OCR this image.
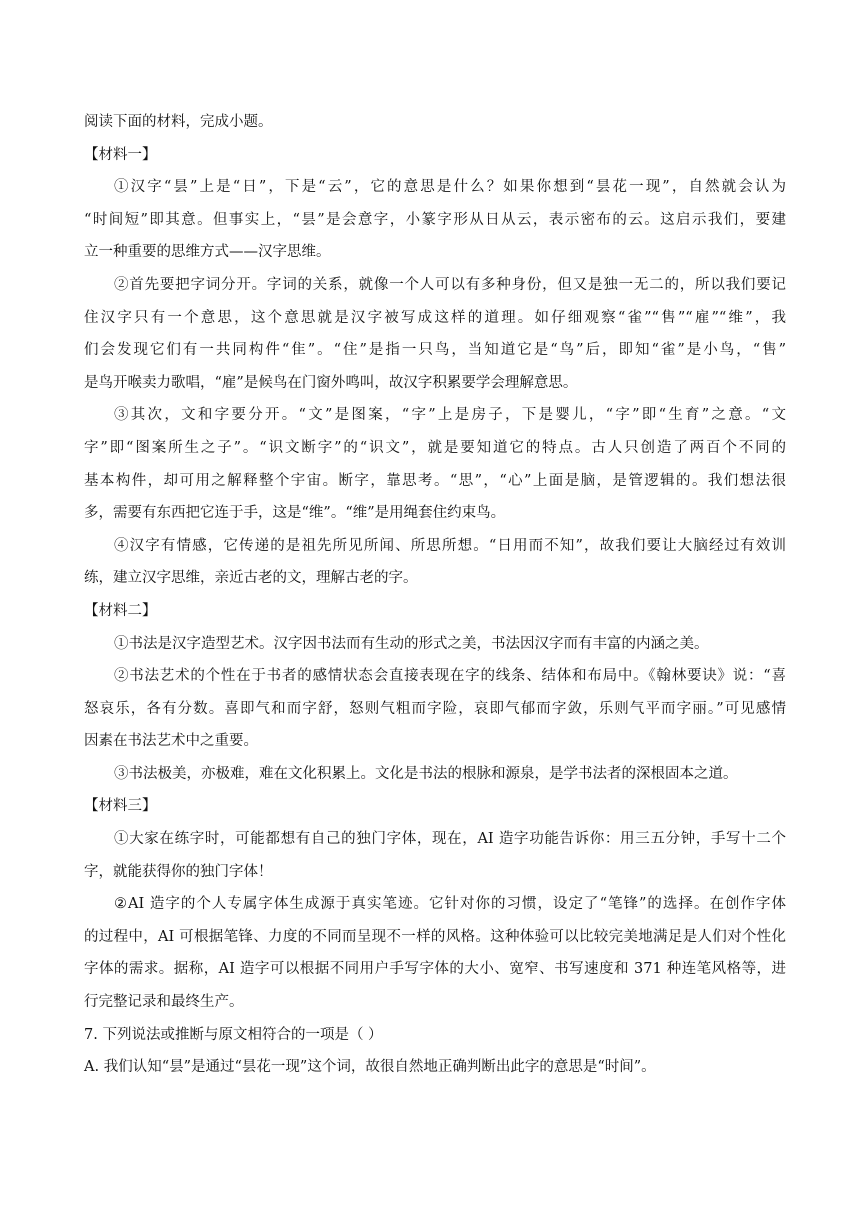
阅读下面的材料，完成小题。
【材料一】
①汉字“昙”上是“日”，下是“云”，它的意思是什么？如果你想到“昙花一现”，自然就会认为
“时间短”即其意。但事实上，“昙”是会意字，小篆字形从日从云，表示密布的云。这启示我们，要建
立一种重要的思维方式——汉字思维。
②首先要把字词分开。字词的关系，就像一个人可以有多种身份，但又是独一无二的，所以我们要记
住汉字只有一个意思，这个意思就是汉字被写成这样的道理。如仔细观察“雀”“售”“雇”“维”，我
们会发现它们有一共同构件“隹”。“住”是指一只鸟，当知道它是“鸟”后，即知“雀”是小鸟，“售”
是鸟开喉卖力歌唱，“雇”是候鸟在门窗外鸣叫，故汉字积累要学会理解意思。
③其次，文和字要分开。“文”是图案，“字”上是房子，下是婴儿，“字”即“生育”之意。“文
字”即“图案所生之子”。“识文断字”的“识文”，就是要知道它的特点。古人只创造了两百个不同的
基本构件，却可用之解释整个宇宙。断字，靠思考。“思”，“心”上面是脑，是管逻辑的。我们想法很
多，需要有东西把它连于手，这是“维”。“维”是用绳套住约束鸟。
④汉字有情感，它传递的是祖先所见所闻、所思所想。“日用而不知”，故我们要让大脑经过有效训
练，建立汉字思维，亲近古老的文，理解古老的字。
【材料二】
①书法是汉字造型艺术。汉字因书法而有生动的形式之美，书法因汉字而有丰富的内涵之美。
②书法艺术的个性在于书者的感情状态会直接表现在字的线条、结体和布局中。《翰林要诀》说：“喜
怒哀乐，各有分数。喜即气和而字舒，怒则气粗而字险，哀即气郁而字敛，乐则气平而字丽。”可见感情
因素在书法艺术中之重要。
③书法极美，亦极难，难在文化积累上。文化是书法的根脉和源泉，是学书法者的深根固本之道。
【材料三】
①大家在练字时，可能都想有自己的独门字体，现在，AI 造字功能告诉你：用三五分钟，手写十二个
字，就能获得你的独门字体！
②AI 造字的个人专属字体生成源于真实笔迹。它针对你的习惯，设定了“笔锋”的选择。在创作字体
的过程中，AI 可根据笔锋、力度的不同而呈现不一样的风格。这种体验可以比较完美地满足是人们对个性化
字体的需求。据称，AI 造字可以根据不同用户手写字体的大小、宽窄、书写速度和 371 种连笔风格等，进
行完整记录和最终生产。
7. 下列说法或推断与原文相符合的一项是（ ）
A. 我们认知“昙”是通过“昙花一现”这个词，故很自然地正确判断出此字的意思是“时间”。
